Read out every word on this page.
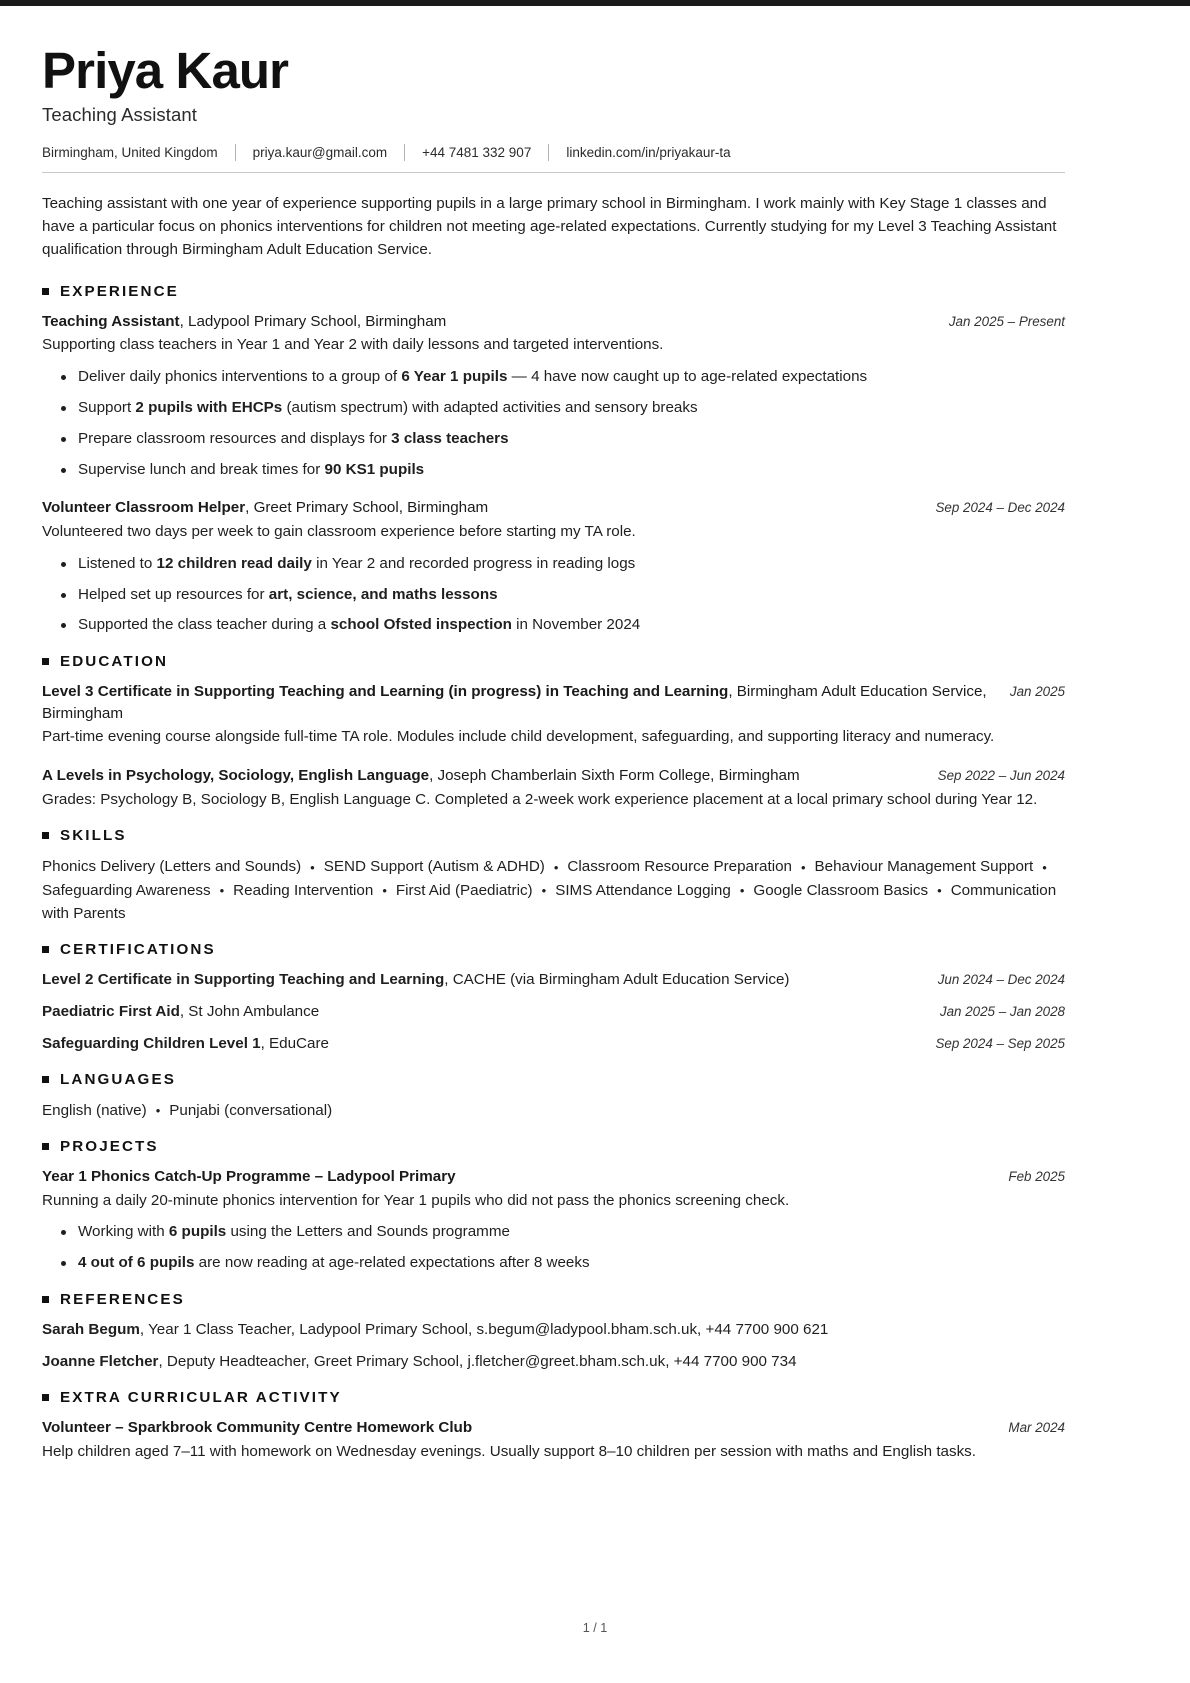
Priya Kaur
Teaching Assistant
Birmingham, United Kingdom	priya.kaur@gmail.com	+44 7481 332 907	linkedin.com/in/priyakaur-ta

Teaching assistant with one year of experience supporting pupils in a large primary school in Birmingham. I work mainly with Key Stage 1 classes and have a particular focus on phonics interventions for children not meeting age-related expectations. Currently studying for my Level 3 Teaching Assistant qualification through Birmingham Adult Education Service.

EXPERIENCE
Teaching Assistant, Ladypool Primary School, Birmingham	Jan 2025 – Present
Supporting class teachers in Year 1 and Year 2 with daily lessons and targeted interventions.
Deliver daily phonics interventions to a group of 6 Year 1 pupils — 4 have now caught up to age-related expectations
Support 2 pupils with EHCPs (autism spectrum) with adapted activities and sensory breaks
Prepare classroom resources and displays for 3 class teachers
Supervise lunch and break times for 90 KS1 pupils
Volunteer Classroom Helper, Greet Primary School, Birmingham	Sep 2024 – Dec 2024
Volunteered two days per week to gain classroom experience before starting my TA role.
Listened to 12 children read daily in Year 2 and recorded progress in reading logs
Helped set up resources for art, science, and maths lessons
Supported the class teacher during a school Ofsted inspection in November 2024
EDUCATION
Level 3 Certificate in Supporting Teaching and Learning (in progress) in Teaching and Learning, Birmingham Adult Education Service, Birmingham
Jan 2025
Part-time evening course alongside full-time TA role. Modules include child development, safeguarding, and supporting literacy and numeracy.
A Levels in Psychology, Sociology, English Language, Joseph Chamberlain Sixth Form College, Birmingham	Sep 2022 – Jun 2024
Grades: Psychology B, Sociology B, English Language C. Completed a 2-week work experience placement at a local primary school during Year 12.
SKILLS
Phonics Delivery (Letters and Sounds) • SEND Support (Autism & ADHD) • Classroom Resource Preparation • Behaviour Management Support •Safeguarding Awareness • Reading Intervention • First Aid (Paediatric) • SIMS Attendance Logging • Google Classroom Basics • Communication with Parents
CERTIFICATIONS
Level 2 Certificate in Supporting Teaching and Learning, CACHE (via Birmingham Adult Education Service)	Jun 2024 – Dec 2024
Paediatric First Aid, St John Ambulance	Jan 2025 – Jan 2028
Safeguarding Children Level 1, EduCare	Sep 2024 – Sep 2025
LANGUAGES
English (native) • Punjabi (conversational)
PROJECTS
Year 1 Phonics Catch-Up Programme – Ladypool Primary	Feb 2025
Running a daily 20-minute phonics intervention for Year 1 pupils who did not pass the phonics screening check.
Working with 6 pupils using the Letters and Sounds programme
4 out of 6 pupils are now reading at age-related expectations after 8 weeks
REFERENCES
Sarah Begum, Year 1 Class Teacher, Ladypool Primary School, s.begum@ladypool.bham.sch.uk, +44 7700 900 621
Joanne Fletcher, Deputy Headteacher, Greet Primary School, j.fletcher@greet.bham.sch.uk, +44 7700 900 734
EXTRA CURRICULAR ACTIVITY
Volunteer – Sparkbrook Community Centre Homework Club	Mar 2024
Help children aged 7–11 with homework on Wednesday evenings. Usually support 8–10 children per session with maths and English tasks.
1 / 1
